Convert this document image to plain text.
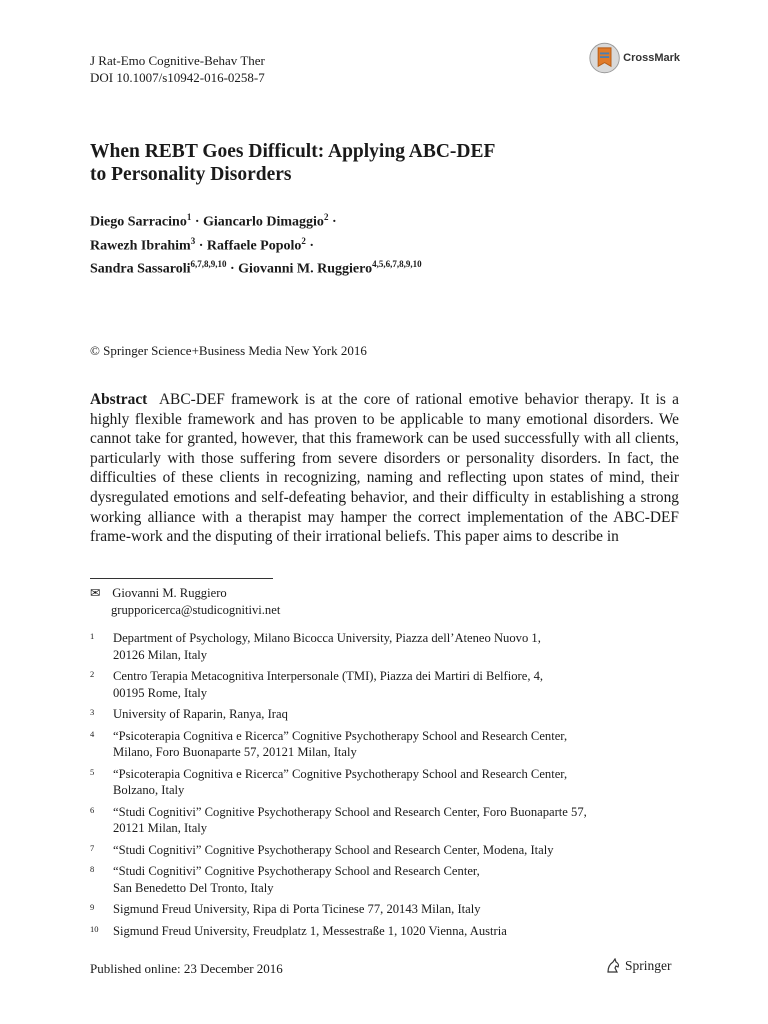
J Rat-Emo Cognitive-Behav Ther
DOI 10.1007/s10942-016-0258-7
CrossMark
When REBT Goes Difficult: Applying ABC-DEF
to Personality Disorders
Diego Sarracino$^1$ · Giancarlo Dimaggio$^2$ ·
Rawezh Ibrahim$^3$ · Raffaele Popolo$^2$ ·
Sandra Sassaroli$^{6,7,8,9,10}$ · Giovanni M. Ruggiero$^{4,5,6,7,8,9,10}$
© Springer Science+Business Media New York 2016
Abstract ABC-DEF framework is at the core of rational emotive behavior therapy. It is a highly flexible framework and has proven to be applicable to many emotional disorders. We cannot take for granted, however, that this framework can be used successfully with all clients, particularly with those suffering from severe disorders or personality disorders. In fact, the difficulties of these clients in recognizing, naming and reflecting upon states of mind, their dysregulated emotions and self-defeating behavior, and their difficulty in establishing a strong working alliance with a therapist may hamper the correct implementation of the ABC-DEF frame-work and the disputing of their irrational beliefs. This paper aims to describe in
✉ Giovanni M. Ruggiero
grupporicerca@studicognitivi.net
1	Department of Psychology, Milano Bicocca University, Piazza dell’Ateneo Nuovo 1,
20126 Milan, Italy
2	Centro Terapia Metacognitiva Interpersonale (TMI), Piazza dei Martiri di Belfiore, 4,
00195 Rome, Italy
3	University of Raparin, Ranya, Iraq
4	“Psicoterapia Cognitiva e Ricerca” Cognitive Psychotherapy School and Research Center,
Milano, Foro Buonaparte 57, 20121 Milan, Italy
5	“Psicoterapia Cognitiva e Ricerca” Cognitive Psychotherapy School and Research Center,
Bolzano, Italy
6	“Studi Cognitivi” Cognitive Psychotherapy School and Research Center, Foro Buonaparte 57,
20121 Milan, Italy
7	“Studi Cognitivi” Cognitive Psychotherapy School and Research Center, Modena, Italy
8	“Studi Cognitivi” Cognitive Psychotherapy School and Research Center,
San Benedetto Del Tronto, Italy
9	Sigmund Freud University, Ripa di Porta Ticinese 77, 20143 Milan, Italy
10	Sigmund Freud University, Freudplatz 1, Messestraße 1, 1020 Vienna, Austria
Published online: 23 December 2016	Springer
